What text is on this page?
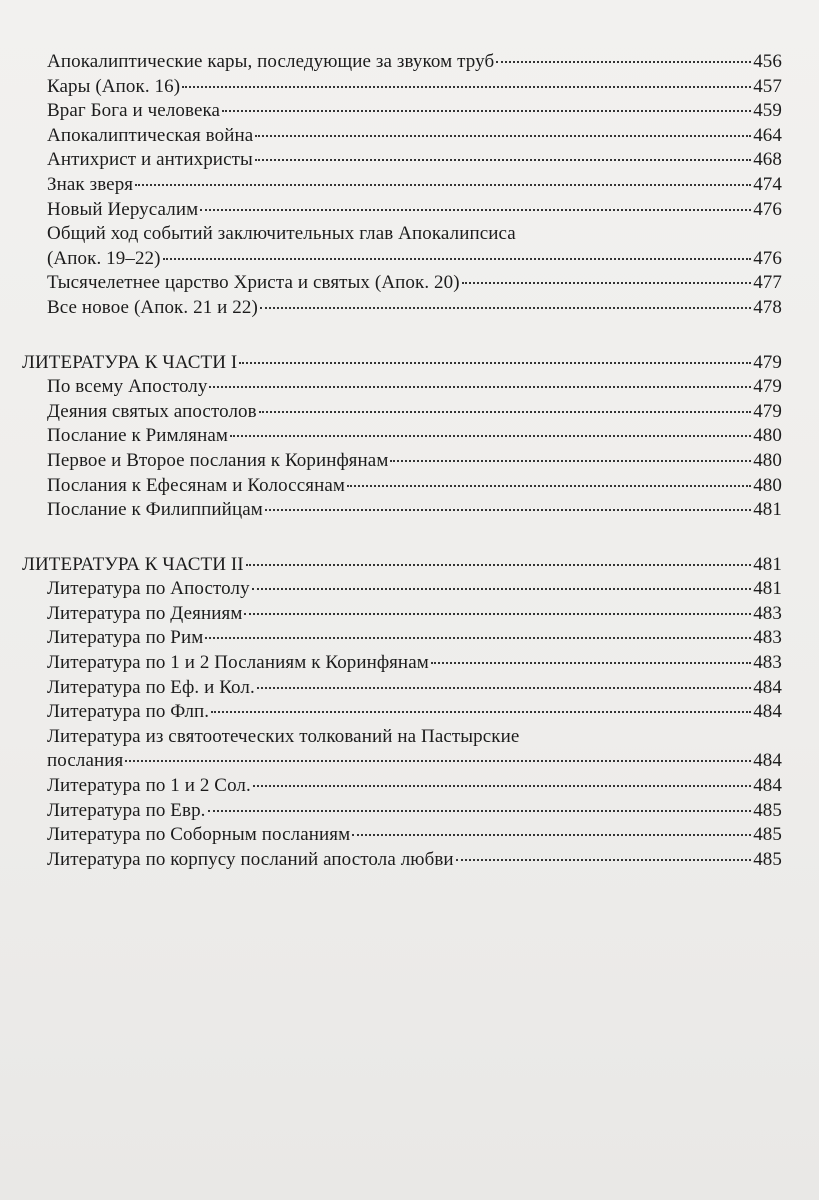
Апокалиптические кары, последующие за звуком труб	456
Кары (Апок. 16)	457
Враг Бога и человека	459
Апокалиптическая война	464
Антихрист и антихристы	468
Знак зверя	474
Новый Иерусалим	476
Общий ход событий заключительных глав Апокалипсиса
(Апок. 19–22)	476
Тысячелетнее царство Христа и святых (Апок. 20)	477
Все новое (Апок. 21 и 22)	478
ЛИТЕРАТУРА К ЧАСТИ I	479
По всему Апостолу	479
Деяния святых апостолов	479
Послание к Римлянам	480
Первое и Второе послания к Коринфянам	480
Послания к Ефесянам и Колоссянам	480
Послание к Филиппийцам	481
ЛИТЕРАТУРА К ЧАСТИ II	481
Литература по Апостолу	481
Литература по Деяниям	483
Литература по Рим	483
Литература по 1 и 2 Посланиям к Коринфянам	483
Литература по Еф. и Кол.	484
Литература по Флп.	484
Литература из святоотеческих толкований на Пастырские
послания	484
Литература по 1 и 2 Сол.	484
Литература по Евр.	485
Литература по Соборным посланиям	485
Литература по корпусу посланий апостола любви	485
